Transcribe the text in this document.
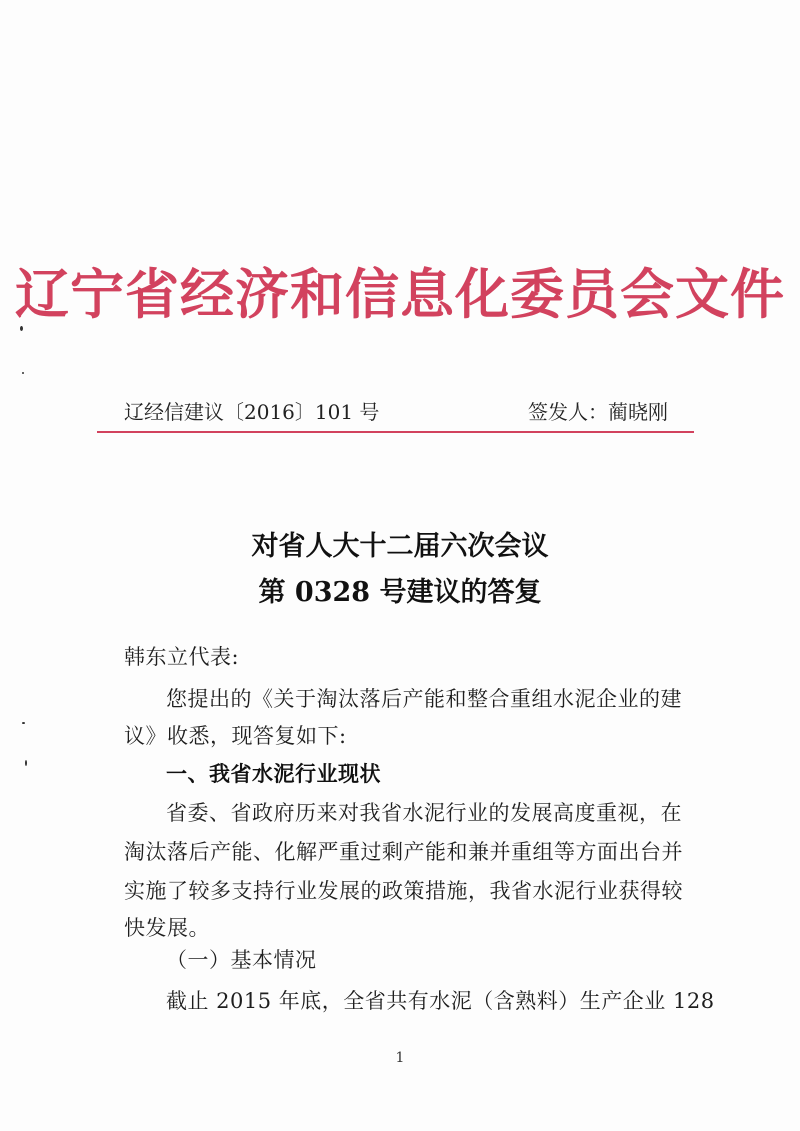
辽宁省经济和信息化委员会文件
辽经信建议〔2016〕101 号	签发人：蔺晓刚
对省人大十二届六次会议
第 0328 号建议的答复
韩东立代表:
您提出的《关于淘汰落后产能和整合重组水泥企业的建
议》收悉，现答复如下:
一、我省水泥行业现状
省委、省政府历来对我省水泥行业的发展高度重视，在
淘汰落后产能、化解严重过剩产能和兼并重组等方面出台并
实施了较多支持行业发展的政策措施，我省水泥行业获得较
快发展。
（一）基本情况
截止 2015 年底，全省共有水泥（含熟料）生产企业 128
1
